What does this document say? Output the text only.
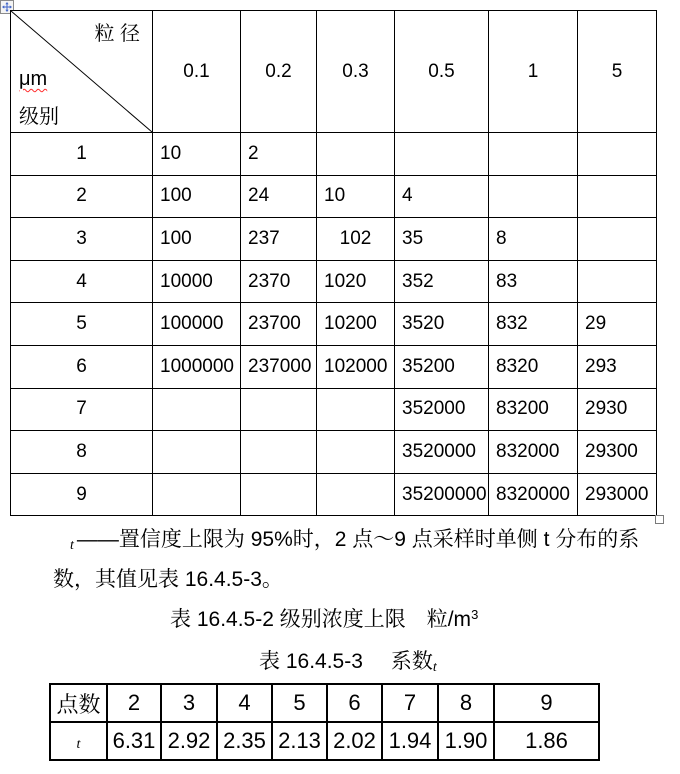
粒 径
μm
级别	0.1	0.2	0.3	0.5	1	5
1	10	2				
2	100	24	10	4		
3	100	237	102	35	8	
4	10000	2370	1020	352	83	
5	100000	23700	10200	3520	832	29
6	1000000	237000	102000	35200	8320	293
7				352000	83200	2930
8				3520000	832000	29300
9				35200000	8320000	293000
t ——置信度上限为 95%时，2 点～9 点采样时单侧 t 分布的系
数，其值见表 16.4.5-3。
表 16.4.5-2 级别浓度上限　粒$/m^3$
表 16.4.5-3 系数t
点数	2	3	4	5	6	7	8	9
t	6.31	2.92	2.35	2.13	2.02	1.94	1.90	1.86
